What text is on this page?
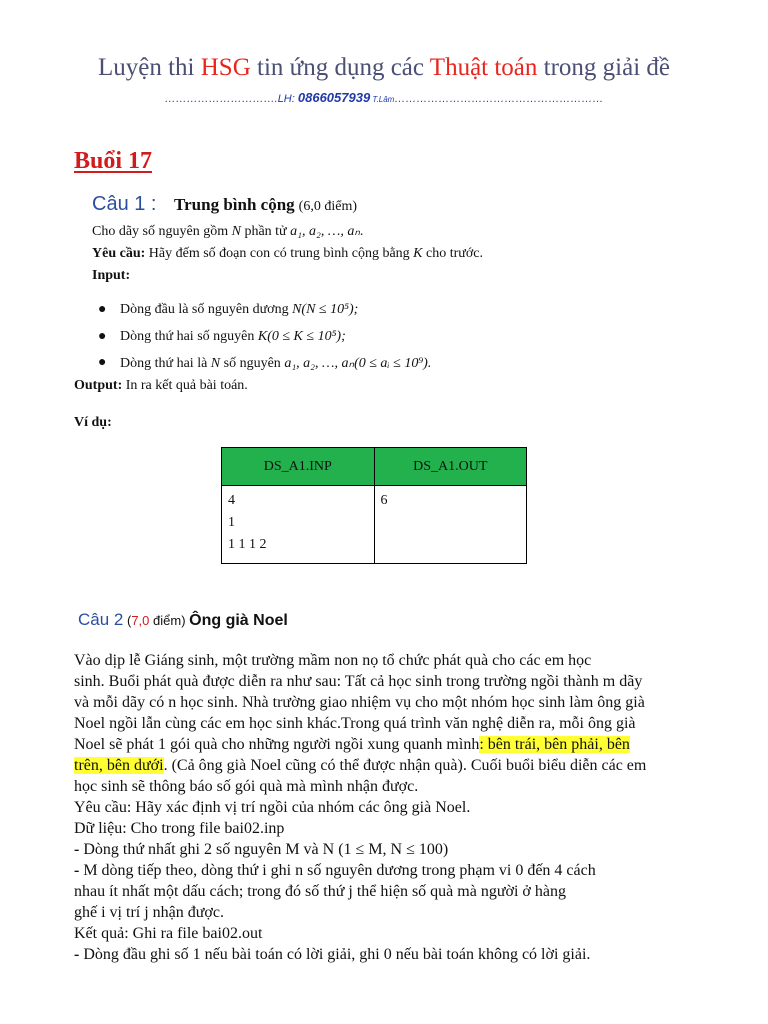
Luyện thi HSG tin ứng dụng các Thuật toán trong giải đề
………………………….LH: 0866057939 T.Lâm…………………………………………………
Buổi 17
Câu 1 : Trung bình cộng (6,0 điểm)
Cho dãy số nguyên gồm N phần tử a₁, a₂, …, aₙ.
Yêu cầu: Hãy đếm số đoạn con có trung bình cộng bằng K cho trước.
Input:
● Dòng đầu là số nguyên dương N(N ≤ 10⁵);
● Dòng thứ hai số nguyên K(0 ≤ K ≤ 10⁵);
● Dòng thứ hai là N số nguyên a₁, a₂, …, aₙ(0 ≤ aᵢ ≤ 10⁹).
Output: In ra kết quả bài toán.
Ví dụ:
DS_A1.INP	DS_A1.OUT

4
1
1 1 1 2	6
Câu 2 (7,0 điểm) Ông già Noel

Vào dịp lễ Giáng sinh, một trường mầm non nọ tổ chức phát quà cho các em học

sinh. Buổi phát quà được diễn ra như sau: Tất cả học sinh trong trường ngồi thành m dãy

và mỗi dãy có n học sinh. Nhà trường giao nhiệm vụ cho một nhóm học sinh làm ông già

Noel ngồi lẫn cùng các em học sinh khác.Trong quá trình văn nghệ diễn ra, mỗi ông già

Noel sẽ phát 1 gói quà cho những người ngồi xung quanh mình: bên trái, bên phải, bên

trên, bên dưới. (Cả ông già Noel cũng có thể được nhận quà). Cuối buổi biểu diễn các em

học sinh sẽ thông báo số gói quà mà mình nhận được.

Yêu cầu: Hãy xác định vị trí ngồi của nhóm các ông già Noel.

Dữ liệu: Cho trong file bai02.inp

- Dòng thứ nhất ghi 2 số nguyên M và N (1 ≤ M, N ≤ 100)

- M dòng tiếp theo, dòng thứ i ghi n số nguyên dương trong phạm vi 0 đến 4 cách

nhau ít nhất một dấu cách; trong đó số thứ j thể hiện số quà mà người ở hàng

ghế i vị trí j nhận được.

Kết quả: Ghi ra file bai02.out

- Dòng đầu ghi số 1 nếu bài toán có lời giải, ghi 0 nếu bài toán không có lời giải.
